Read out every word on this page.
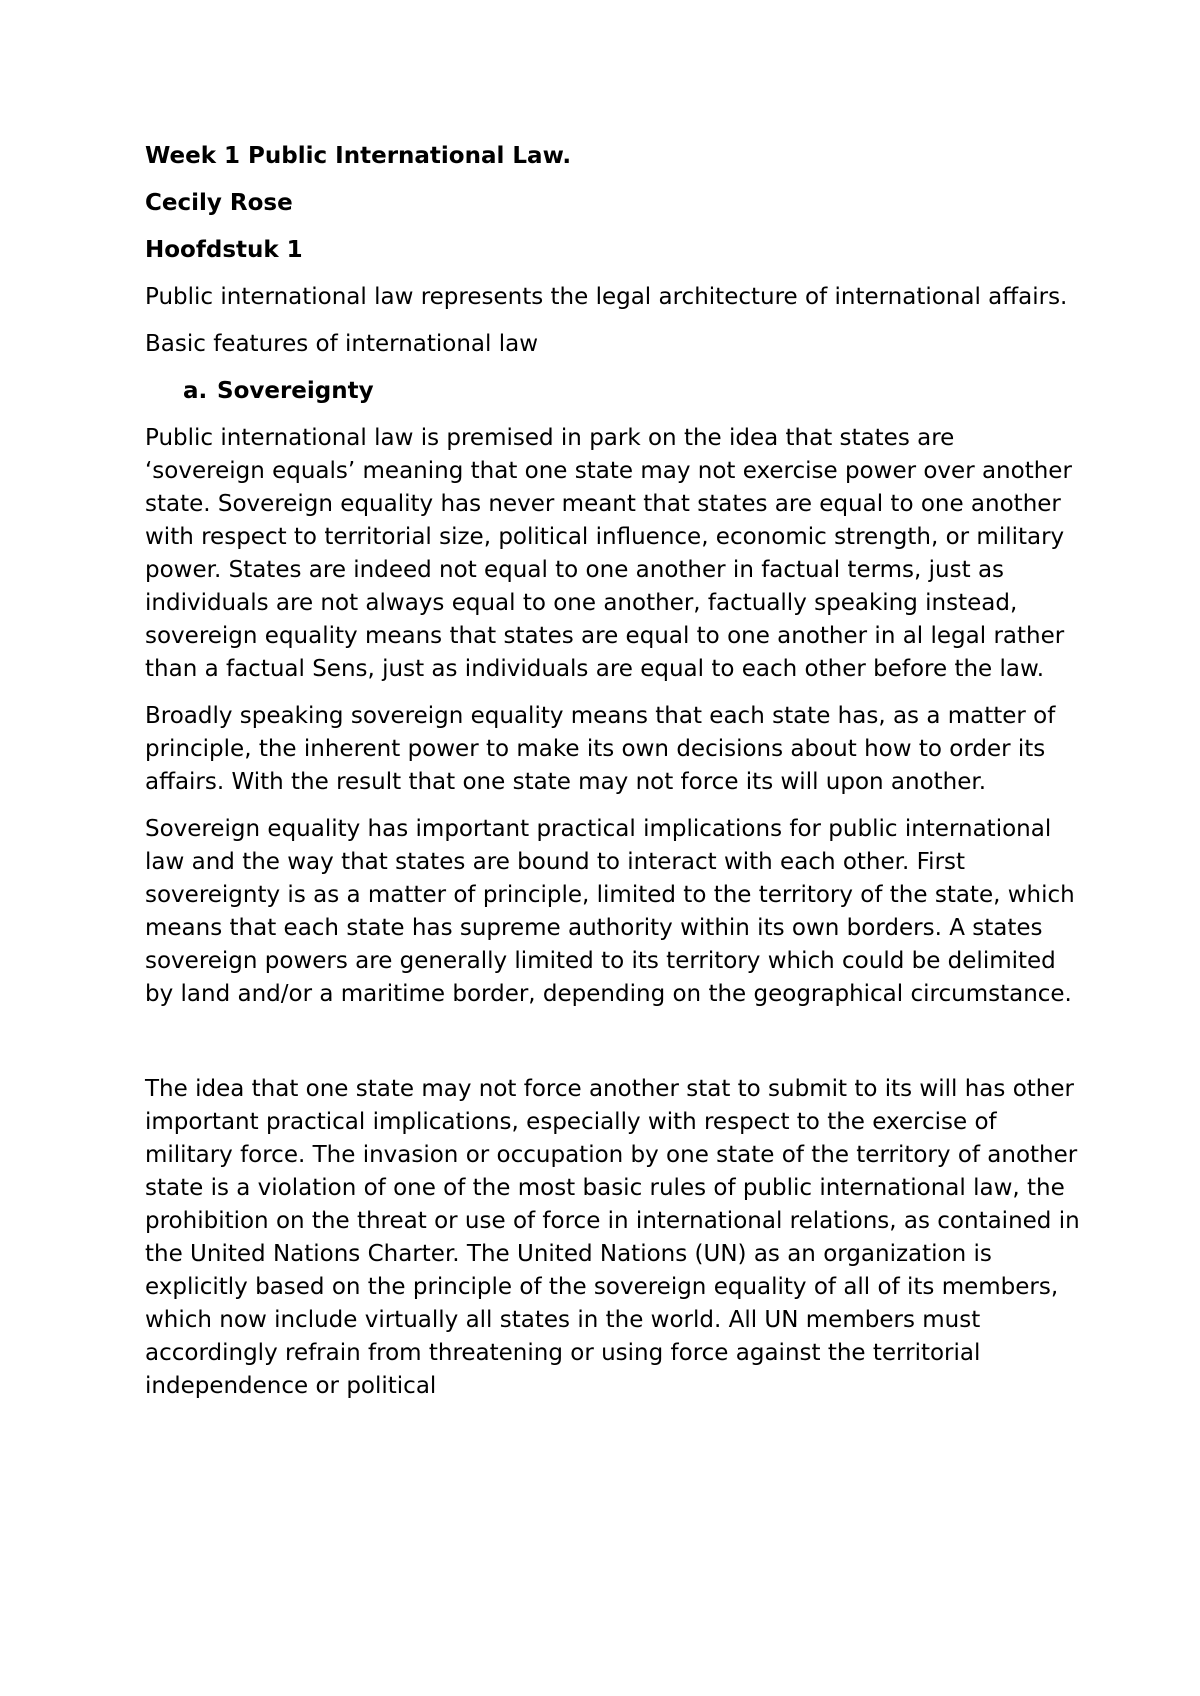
Week 1 Public International Law.
Cecily Rose
Hoofdstuk 1
Public international law represents the legal architecture of international affairs.
Basic features of international law
a. Sovereignty
Public international law is premised in park on the idea that states are ‘sovereign equals’ meaning that one state may not exercise power over another state. Sovereign equality has never meant that states are equal to one another with respect to territorial size, political influence, economic strength, or military power. States are indeed not equal to one another in factual terms, just as individuals are not always equal to one another, factually speaking instead, sovereign equality means that states are equal to one another in al legal rather than a factual Sens, just as individuals are equal to each other before the law.
Broadly speaking sovereign equality means that each state has, as a matter of principle, the inherent power to make its own decisions about how to order its affairs. With the result that one state may not force its will upon another.
Sovereign equality has important practical implications for public international law and the way that states are bound to interact with each other. First sovereignty is as a matter of principle, limited to the territory of the state, which means that each state has supreme authority within its own borders. A states sovereign powers are generally limited to its territory which could be delimited by land and/or a maritime border, depending on the geographical circumstance.
The idea that one state may not force another stat to submit to its will has other important practical implications, especially with respect to the exercise of military force. The invasion or occupation by one state of the territory of another state is a violation of one of the most basic rules of public international law, the prohibition on the threat or use of force in international relations, as contained in the United Nations Charter. The United Nations (UN) as an organization is explicitly based on the principle of the sovereign equality of all of its members, which now include virtually all states in the world. All UN members must accordingly refrain from threatening or using force against the territorial independence or political
